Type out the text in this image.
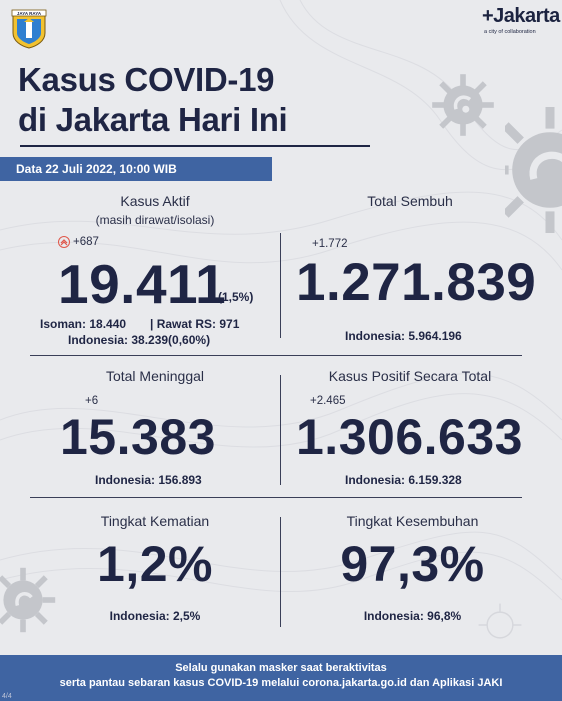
JAYA RAYA	+Jakarta
a city of collaboration
Kasus COVID-19
di Jakarta Hari Ini
Data 22 Juli 2022, 10:00 WIB
Kasus Aktif
(masih dirawat/isolasi)
+687
19.411
(1,5%)
Isoman: 18.440 | Rawat RS: 971
Indonesia: 38.239(0,60%)
Total Sembuh
+1.772
1.271.839
Indonesia: 5.964.196
Total Meninggal
+6
15.383
Indonesia: 156.893
Kasus Positif Secara Total
+2.465
1.306.633
Indonesia: 6.159.328
Tingkat Kematian
1,2%
Indonesia: 2,5%
Tingkat Kesembuhan
97,3%
Indonesia: 96,8%
Selalu gunakan masker saat beraktivitas
serta pantau sebaran kasus COVID-19 melalui corona.jakarta.go.id dan Aplikasi JAKI
4/4
